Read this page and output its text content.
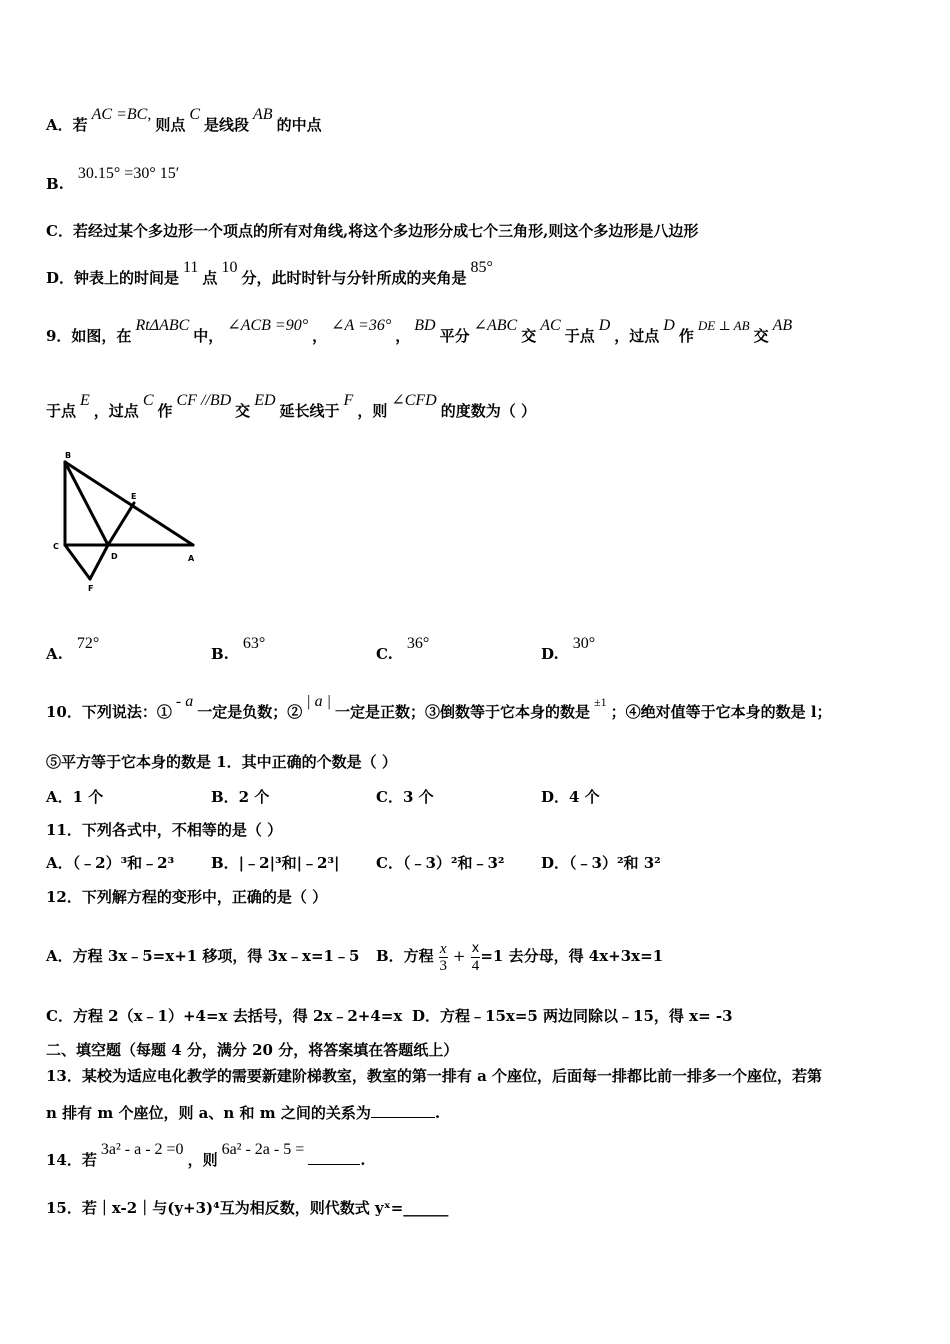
A．若AC =BC,则点C是线段AB的中点
B.30.15° =30° 15′
C．若经过某个多边形一个项点的所有对角线,将这个多边形分成七个三角形,则这个多边形是八边形
D．钟表上的时间是11点10分，此时时针与分针所成的夹角是85°
9．如图，在RtΔABC中，∠ACB =90°，∠A =36°，BD平分∠ABC交AC于点D，过点D作DE ⊥ AB交AB
于点E，过点C作CF //BD交ED延长线于F，则∠CFD的度数为（ ）
B
E
C
D	A
F
A.72°
B.63°
C.36°
D.30°
10．下列说法：①- a一定是负数；②| a |一定是正数；③倒数等于它本身的数是$^{\pm 1}$；④绝对值等于它本身的数是 l；
⑤平方等于它本身的数是 1．其中正确的个数是（ ）
A．1 个	B．2 个	C．3 个	D．4 个
11．下列各式中，不相等的是（ ）
A．（﹣2）³和﹣2³ B．|﹣2|³和|﹣2³| C．（﹣3）²和﹣3² D．（﹣3）²和 3²
12．下列解方程的变形中，正确的是（ ）
A．方程 3x﹣5=x+1 移项，得 3x﹣x=1﹣5 B．方程 $\frac{x}{3} + \frac{x}{4} =1$ 去分母，得 4x+3x=1
C．方程 2（x﹣1）+4=x 去括号，得 2x﹣2+4=x D．方程﹣15x=5 两边同除以﹣15，得 x= -3
二、填空题（每题 4 分，满分 20 分，将答案填在答题纸上）
13．某校为适应电化教学的需要新建阶梯教室，教室的第一排有 a 个座位，后面每一排都比前一排多一个座位，若第
n 排有 m 个座位，则 a、n 和 m 之间的关系为	.
14．若3a² - a - 2 =0，则6a² - 2a - 5 =.
15．若｜x-2｜与(y+3)⁴互为相反数，则代数式 yˣ=______
